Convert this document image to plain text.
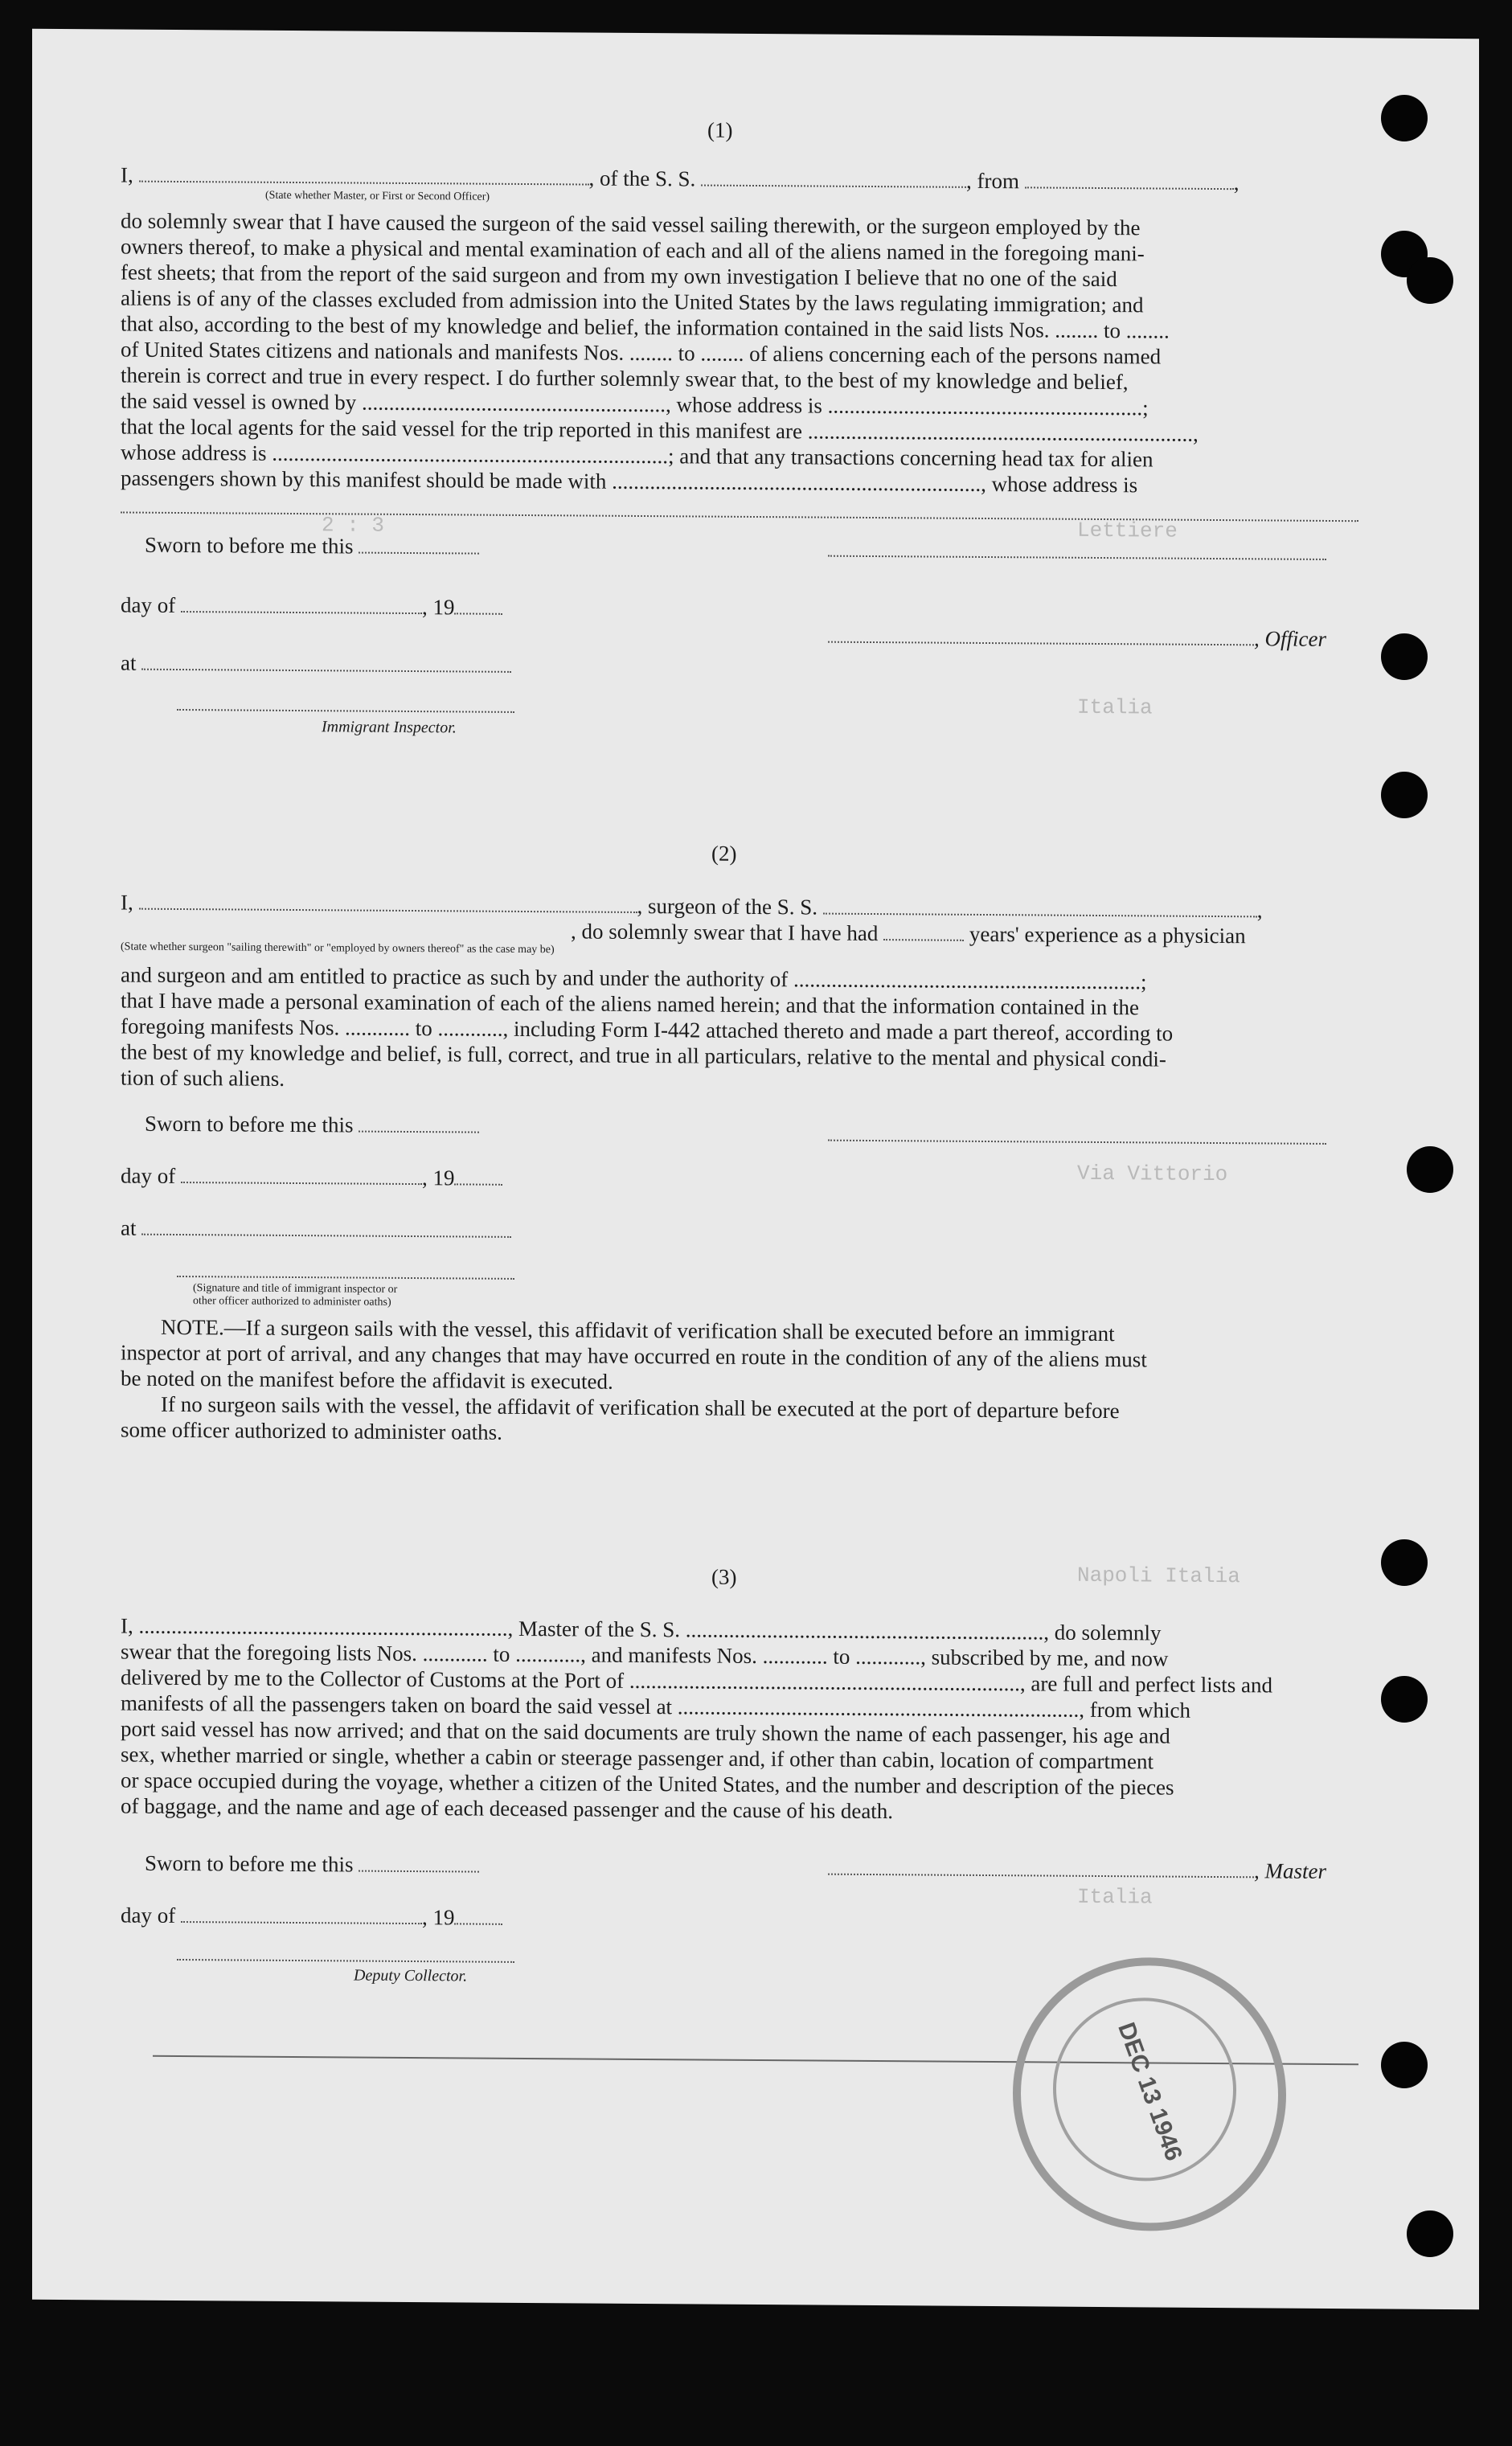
2 : 3	Lettiere
Italia
Via Vittorio
Napoli Italia
Italia
(1)
I,	, of the S. S.	, from	,
(State whether Master, or First or Second Officer)
do solemnly swear that I have caused the surgeon of the said vessel sailing therewith, or the surgeon employed by the
owners thereof, to make a physical and mental examination of each and all of the aliens named in the foregoing mani-
fest sheets; that from the report of the said surgeon and from my own investigation I believe that no one of the said
aliens is of any of the classes excluded from admission into the United States by the laws regulating immigration; and
that also, according to the best of my knowledge and belief, the information contained in the said lists Nos. ........ to ........
of United States citizens and nationals and manifests Nos. ........ to ........ of aliens concerning each of the persons named
therein is correct and true in every respect. I do further solemnly swear that, to the best of my knowledge and belief,
the said vessel is owned by ........................................................, whose address is ..........................................................;
that the local agents for the said vessel for the trip reported in this manifest are .......................................................................,
whose address is .........................................................................; and that any transactions concerning head tax for alien
passengers shown by this manifest should be made with ...................................................................., whose address is
Sworn to before me this
day of	, 19
at
, Officer
Immigrant Inspector.
(2)
I,	, surgeon of the S. S.	,
, do solemnly swear that I have had	years' experience as a physician
(State whether surgeon "sailing therewith" or "employed by owners thereof" as the case may be)
and surgeon and am entitled to practice as such by and under the authority of ................................................................;
that I have made a personal examination of each of the aliens named herein; and that the information contained in the
foregoing manifests Nos. ............ to ............, including Form I-442 attached thereto and made a part thereof, according to
the best of my knowledge and belief, is full, correct, and true in all particulars, relative to the mental and physical condi-
tion of such aliens.
Sworn to before me this
day of	, 19
at
(Signature and title of immigrant inspector or
other officer authorized to administer oaths)
NOTE.—If a surgeon sails with the vessel, this affidavit of verification shall be executed before an immigrant
inspector at port of arrival, and any changes that may have occurred en route in the condition of any of the aliens must
be noted on the manifest before the affidavit is executed.
If no surgeon sails with the vessel, the affidavit of verification shall be executed at the port of departure before
some officer authorized to administer oaths.
(3)
I, ...................................................................., Master of the S. S. .................................................................., do solemnly
swear that the foregoing lists Nos. ............ to ............, and manifests Nos. ............ to ............, subscribed by me, and now
delivered by me to the Collector of Customs at the Port of ........................................................................, are full and perfect lists and
manifests of all the passengers taken on board the said vessel at .........................................................................., from which
port said vessel has now arrived; and that on the said documents are truly shown the name of each passenger, his age and
sex, whether married or single, whether a cabin or steerage passenger and, if other than cabin, location of compartment
or space occupied during the voyage, whether a citizen of the United States, and the number and description of the pieces
of baggage, and the name and age of each deceased passenger and the cause of his death.
Sworn to before me this
day of	, 19
, Master
Deputy Collector.
DEC 13 1946
